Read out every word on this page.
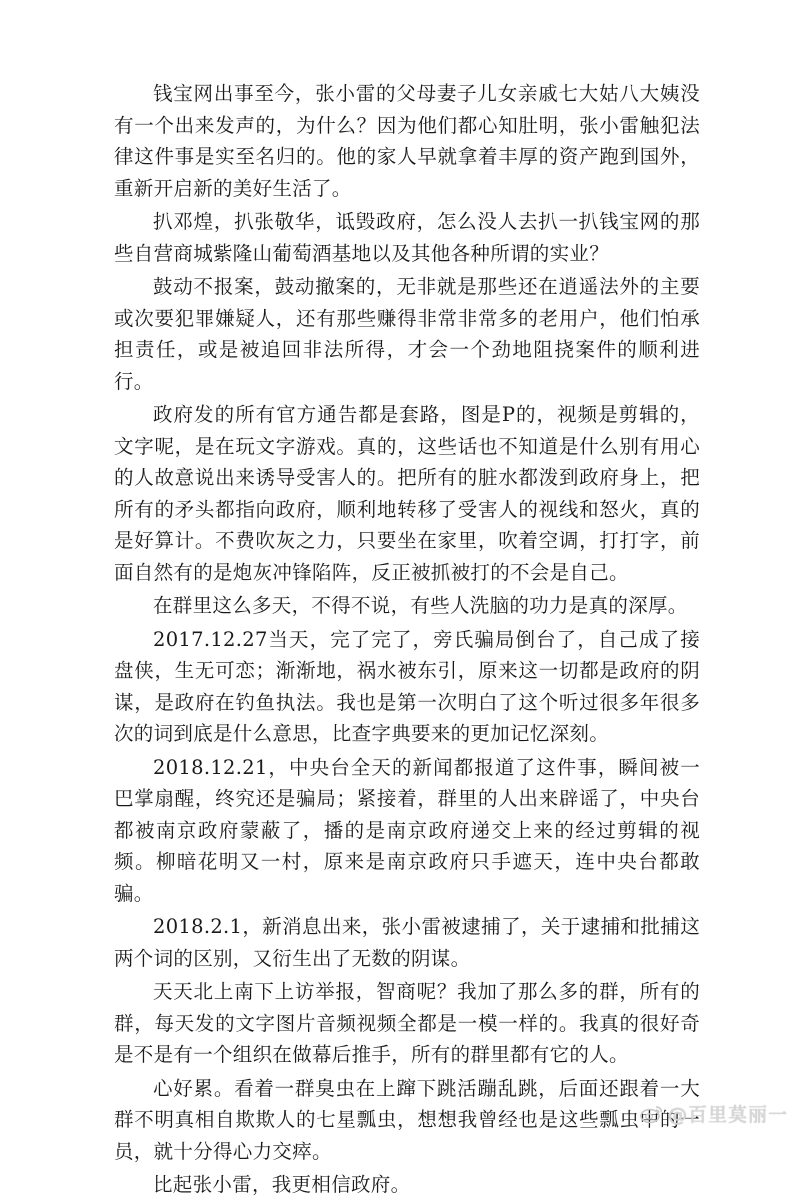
钱宝网出事至今，张小雷的父母妻子儿女亲戚七大姑八大姨没有一个出来发声的，为什么？因为他们都心知肚明，张小雷触犯法律这件事是实至名归的。他的家人早就拿着丰厚的资产跑到国外，重新开启新的美好生活了。

扒邓煌，扒张敬华，诋毁政府，怎么没人去扒一扒钱宝网的那些自营商城紫隆山葡萄酒基地以及其他各种所谓的实业？

鼓动不报案，鼓动撤案的，无非就是那些还在逍遥法外的主要或次要犯罪嫌疑人，还有那些赚得非常非常多的老用户，他们怕承担责任，或是被追回非法所得，才会一个劲地阻挠案件的顺利进行。

政府发的所有官方通告都是套路，图是P的，视频是剪辑的，文字呢，是在玩文字游戏。真的，这些话也不知道是什么别有用心的人故意说出来诱导受害人的。把所有的脏水都泼到政府身上，把所有的矛头都指向政府，顺利地转移了受害人的视线和怒火，真的是好算计。不费吹灰之力，只要坐在家里，吹着空调，打打字，前面自然有的是炮灰冲锋陷阵，反正被抓被打的不会是自己。

在群里这么多天，不得不说，有些人洗脑的功力是真的深厚。

2017.12.27当天，完了完了，旁氏骗局倒台了，自己成了接盘侠，生无可恋；渐渐地，祸水被东引，原来这一切都是政府的阴谋，是政府在钓鱼执法。我也是第一次明白了这个听过很多年很多次的词到底是什么意思，比查字典要来的更加记忆深刻。

2018.12.21，中央台全天的新闻都报道了这件事，瞬间被一巴掌扇醒，终究还是骗局；紧接着，群里的人出来辟谣了，中央台都被南京政府蒙蔽了，播的是南京政府递交上来的经过剪辑的视频。柳暗花明又一村，原来是南京政府只手遮天，连中央台都敢骗。

2018.2.1，新消息出来，张小雷被逮捕了，关于逮捕和批捕这两个词的区别，又衍生出了无数的阴谋。

天天北上南下上访举报，智商呢？我加了那么多的群，所有的群，每天发的文字图片音频视频全都是一模一样的。我真的很好奇是不是有一个组织在做幕后推手，所有的群里都有它的人。

心好累。看着一群臭虫在上蹿下跳活蹦乱跳，后面还跟着一大群不明真相自欺欺人的七星瓢虫，想想我曾经也是这些瓢虫中的一员，就十分得心力交瘁。

比起张小雷，我更相信政府。

@百里莫丽一
